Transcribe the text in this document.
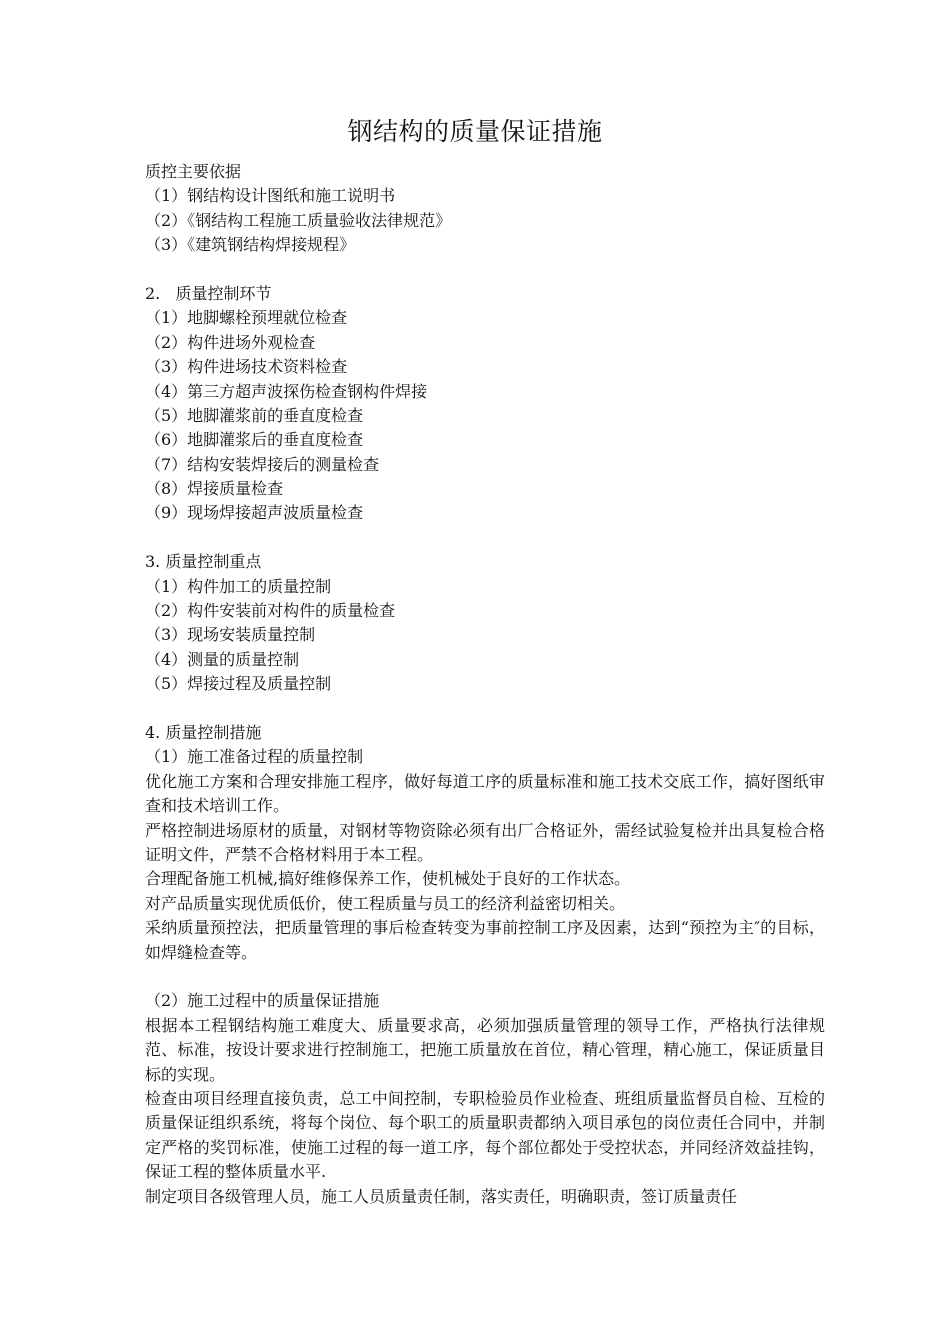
钢结构的质量保证措施
质控主要依据
（1）钢结构设计图纸和施工说明书
（2）《钢结构工程施工质量验收法律规范》
（3）《建筑钢结构焊接规程》
2.   质量控制环节
（1）地脚螺栓预埋就位检查
（2）构件进场外观检查
（3）构件进场技术资料检查
（4）第三方超声波探伤检查钢构件焊接
（5）地脚灌浆前的垂直度检查
（6）地脚灌浆后的垂直度检查
（7）结构安装焊接后的测量检查
（8）焊接质量检查
（9）现场焊接超声波质量检查
3. 质量控制重点
（1）构件加工的质量控制
（2）构件安装前对构件的质量检查
（3）现场安装质量控制
（4）测量的质量控制
（5）焊接过程及质量控制
4. 质量控制措施
（1）施工准备过程的质量控制
优化施工方案和合理安排施工程序，做好每道工序的质量标准和施工技术交底工作，搞好图纸审查和技术培训工作。
严格控制进场原材的质量，对钢材等物资除必须有出厂合格证外，需经试验复检并出具复检合格证明文件，严禁不合格材料用于本工程。
合理配备施工机械,搞好维修保养工作，使机械处于良好的工作状态。
对产品质量实现优质低价，使工程质量与员工的经济利益密切相关。
采纳质量预控法，把质量管理的事后检查转变为事前控制工序及因素，达到“预控为主″的目标，如焊缝检查等。
（2）施工过程中的质量保证措施
根据本工程钢结构施工难度大、质量要求高，必须加强质量管理的领导工作，严格执行法律规范、标准，按设计要求进行控制施工，把施工质量放在首位，精心管理，精心施工，保证质量目标的实现。
检查由项目经理直接负责，总工中间控制，专职检验员作业检查、班组质量监督员自检、互检的质量保证组织系统，将每个岗位、每个职工的质量职责都纳入项目承包的岗位责任合同中，并制定严格的奖罚标准，使施工过程的每一道工序，每个部位都处于受控状态，并同经济效益挂钩，保证工程的整体质量水平.
制定项目各级管理人员，施工人员质量责任制，落实责任，明确职责，签订质量责任
